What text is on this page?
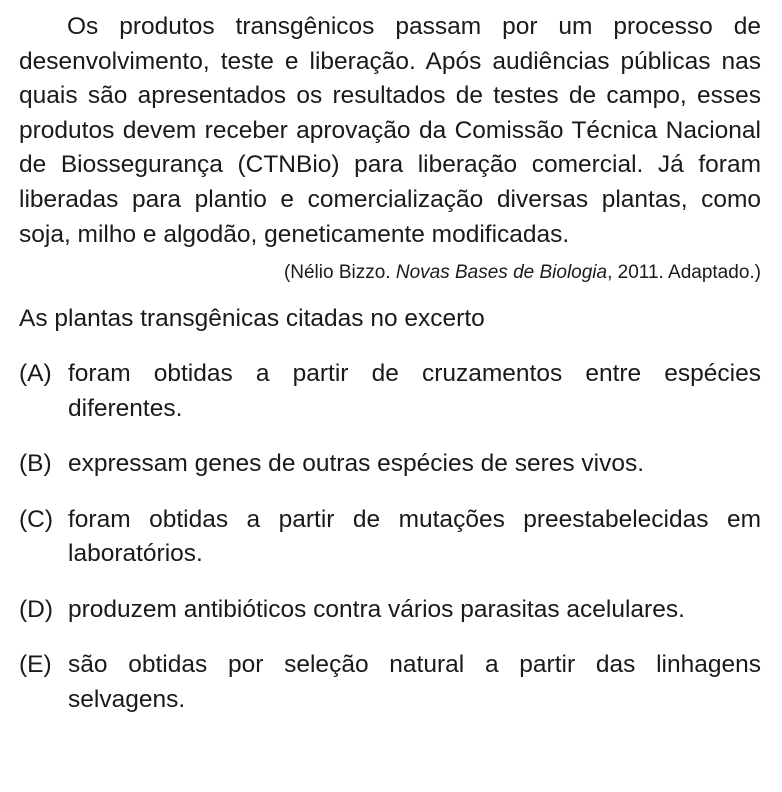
Os produtos transgênicos passam por um processo de desenvolvimento, teste e liberação. Após audiências públicas nas quais são apresentados os resultados de testes de campo, esses produtos devem receber aprovação da Comissão Técnica Nacional de Biossegurança (CTNBio) para liberação comercial. Já foram liberadas para plantio e comercialização diversas plantas, como soja, milho e algodão, geneticamente modificadas.

(Nélio Bizzo. Novas Bases de Biologia, 2011. Adaptado.)

As plantas transgênicas citadas no excerto

(A) foram obtidas a partir de cruzamentos entre espécies diferentes.
(B) expressam genes de outras espécies de seres vivos.
(C) foram obtidas a partir de mutações preestabelecidas em laboratórios.
(D) produzem antibióticos contra vários parasitas acelulares.
(E) são obtidas por seleção natural a partir das linhagens selvagens.
